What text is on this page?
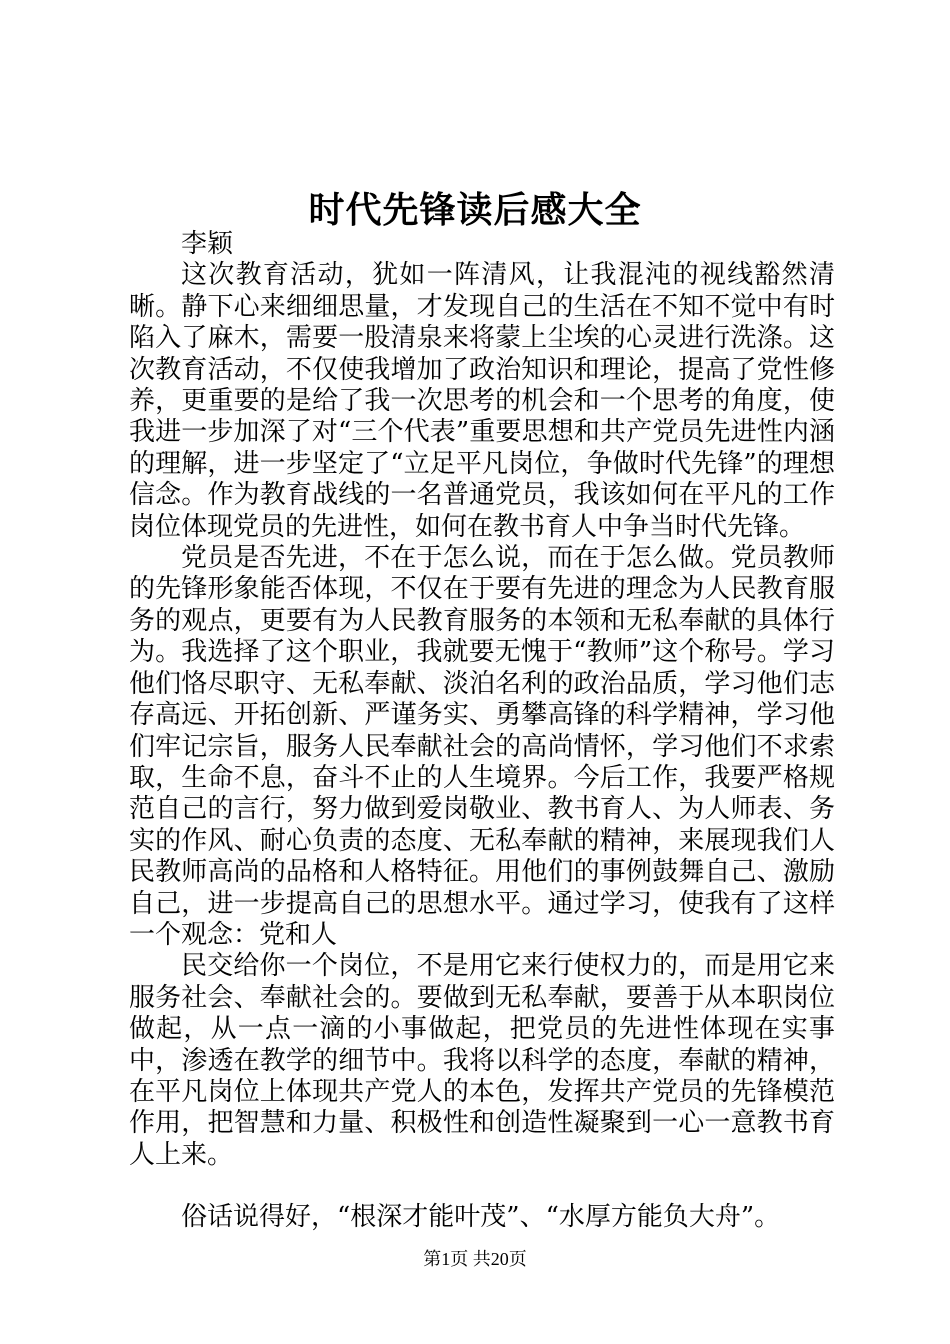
时代先锋读后感大全

李颖

这次教育活动，犹如一阵清风，让我混沌的视线豁然清晰。静下心来细细思量，才发现自己的生活在不知不觉中有时陷入了麻木，需要一股清泉来将蒙上尘埃的心灵进行洗涤。这次教育活动，不仅使我增加了政治知识和理论，提高了党性修养，更重要的是给了我一次思考的机会和一个思考的角度，使我进一步加深了对“三个代表”重要思想和共产党员先进性内涵的理解，进一步坚定了“立足平凡岗位，争做时代先锋”的理想信念。作为教育战线的一名普通党员，我该如何在平凡的工作岗位体现党员的先进性，如何在教书育人中争当时代先锋。

党员是否先进，不在于怎么说，而在于怎么做。党员教师的先锋形象能否体现，不仅在于要有先进的理念为人民教育服务的观点，更要有为人民教育服务的本领和无私奉献的具体行为。我选择了这个职业，我就要无愧于“教师”这个称号。学习他们恪尽职守、无私奉献、淡泊名利的政治品质，学习他们志存高远、开拓创新、严谨务实、勇攀高锋的科学精神，学习他们牢记宗旨，服务人民奉献社会的高尚情怀，学习他们不求索取，生命不息，奋斗不止的人生境界。今后工作，我要严格规范自己的言行，努力做到爱岗敬业、教书育人、为人师表、务实的作风、耐心负责的态度、无私奉献的精神，来展现我们人民教师高尚的品格和人格特征。用他们的事例鼓舞自己、激励自己，进一步提高自己的思想水平。通过学习，使我有了这样一个观念：党和人

民交给你一个岗位，不是用它来行使权力的，而是用它来服务社会、奉献社会的。要做到无私奉献，要善于从本职岗位做起，从一点一滴的小事做起，把党员的先进性体现在实事中，渗透在教学的细节中。我将以科学的态度，奉献的精神，在平凡岗位上体现共产党人的本色，发挥共产党员的先锋模范作用，把智慧和力量、积极性和创造性凝聚到一心一意教书育人上来。

俗话说得好，“根深才能叶茂”、“水厚方能负大舟”。

第1页 共20页
